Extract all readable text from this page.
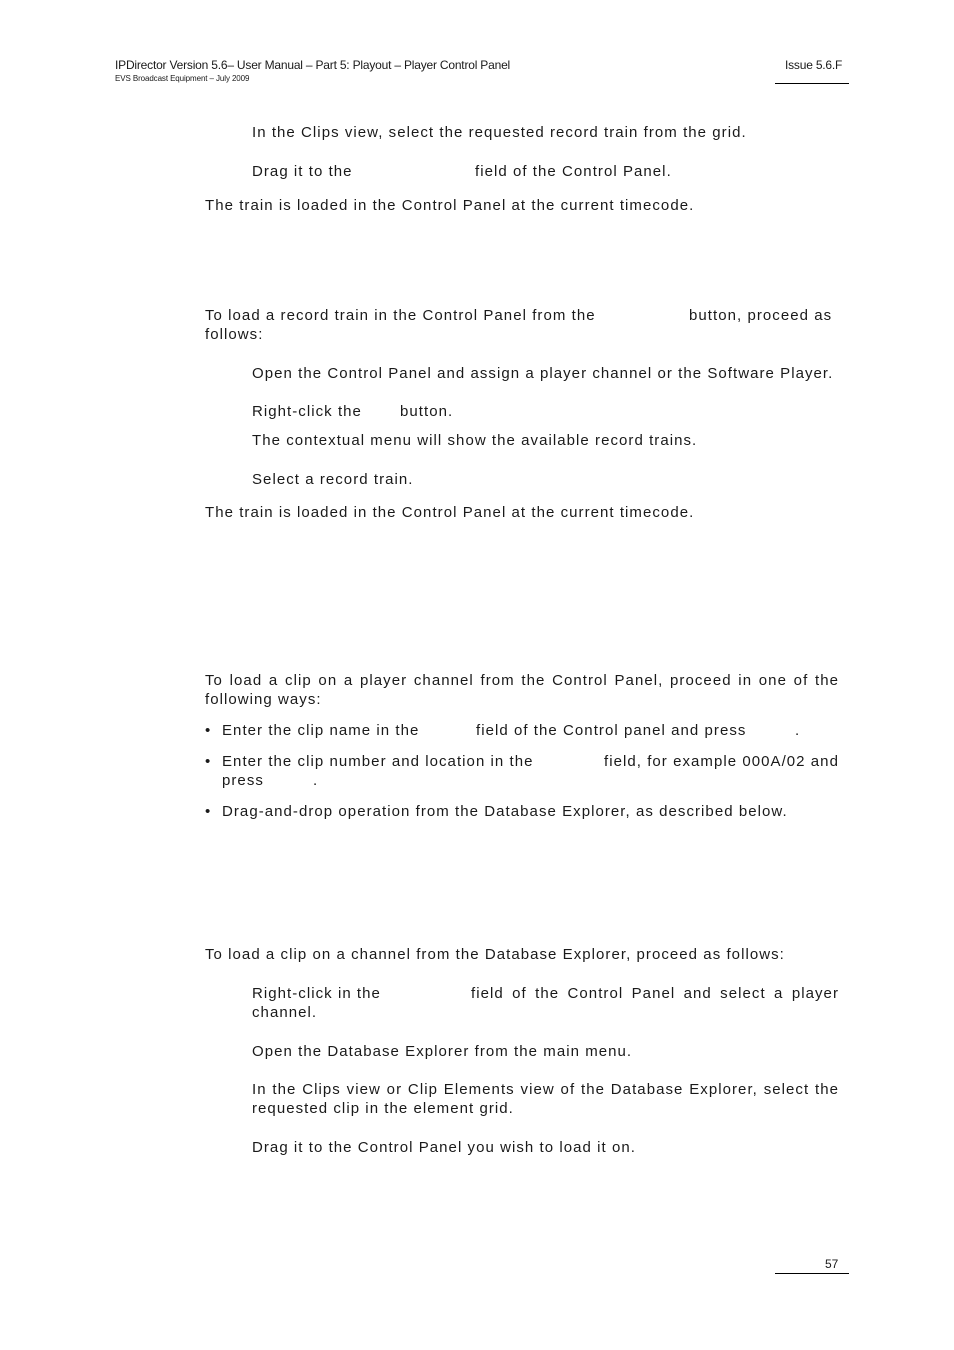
IPDirector Version 5.6– User Manual – Part 5: Playout – Player Control Panel
EVS Broadcast Equipment – July 2009
Issue 5.6.F
In the Clips view, select the requested record train from the grid.
Drag it to the	field of the Control Panel.
The train is loaded in the Control Panel at the current timecode.
To load a record train in the Control Panel from the	button, proceed as
follows:
Open the Control Panel and assign a player channel or the Software Player.
Right-click the	button.
The contextual menu will show the available record trains.
Select a record train.
The train is loaded in the Control Panel at the current timecode.
To load a clip on a player channel from the Control Panel, proceed in one of the
following ways:
• Enter the clip name in the	field of the Control panel and press	.
• Enter the clip number and location in the	field, for example 000A/02 and
press	.
• Drag-and-drop operation from the Database Explorer, as described below.
To load a clip on a channel from the Database Explorer, proceed as follows:
Right-click in the	field of the Control Panel and select a player
channel.
Open the Database Explorer from the main menu.
In the Clips view or Clip Elements view of the Database Explorer, select the
requested clip in the element grid.
Drag it to the Control Panel you wish to load it on.
57
